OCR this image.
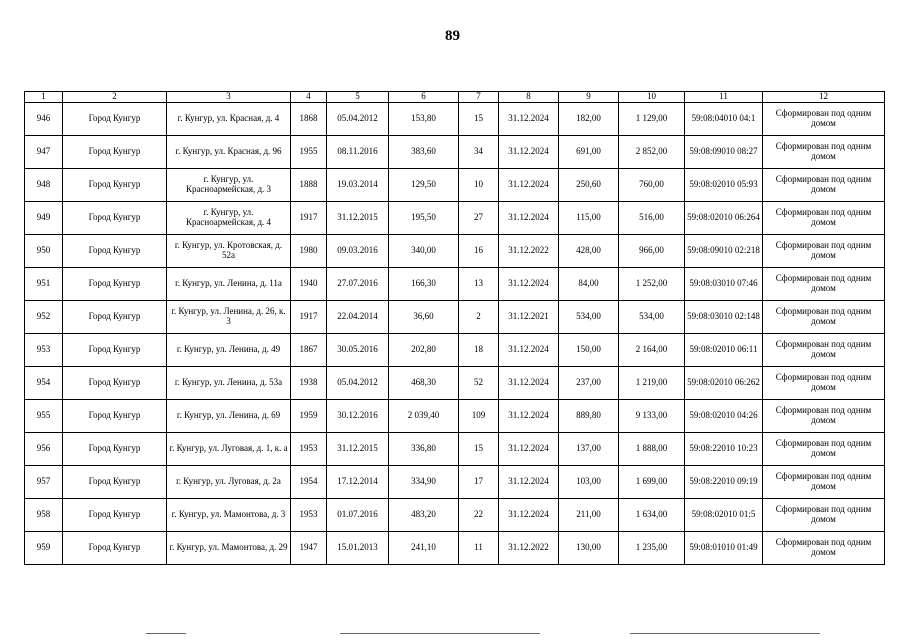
89
1	2	3	4	5	6	7	8	9	10	11	12
946	Город Кунгур	г. Кунгур, ул. Красная, д. 4	1868	05.04.2012	153,80	15	31.12.2024	182,00	1 129,00	59:08:04010 04:1	Сформирован под одним домом
947	Город Кунгур	г. Кунгур, ул. Красная, д. 96	1955	08.11.2016	383,60	34	31.12.2024	691,00	2 852,00	59:08:09010 08:27	Сформирован под одним домом
948	Город Кунгур	г. Кунгур, ул. Красноармейская, д. 3	1888	19.03.2014	129,50	10	31.12.2024	250,60	760,00	59:08:02010 05:93	Сформирован под одним домом
949	Город Кунгур	г. Кунгур, ул. Красноармейская, д. 4	1917	31.12.2015	195,50	27	31.12.2024	115,00	516,00	59:08:02010 06:264	Сформирован под одним домом
950	Город Кунгур	г. Кунгур, ул. Кротовская, д. 52а	1980	09.03.2016	340,00	16	31.12.2022	428,00	966,00	59:08:09010 02:218	Сформирован под одним домом
951	Город Кунгур	г. Кунгур, ул. Ленина, д. 11а	1940	27.07.2016	166,30	13	31.12.2024	84,00	1 252,00	59:08:03010 07:46	Сформирован под одним домом
952	Город Кунгур	г. Кунгур, ул. Ленина, д. 26, к. 3	1917	22.04.2014	36,60	2	31.12.2021	534,00	534,00	59:08:03010 02:148	Сформирован под одним домом
953	Город Кунгур	г. Кунгур, ул. Ленина, д. 49	1867	30.05.2016	202,80	18	31.12.2024	150,00	2 164,00	59:08:02010 06:11	Сформирован под одним домом
954	Город Кунгур	г. Кунгур, ул. Ленина, д. 53а	1938	05.04.2012	468,30	52	31.12.2024	237,00	1 219,00	59:08:02010 06:262	Сформирован под одним домом
955	Город Кунгур	г. Кунгур, ул. Ленина, д. 69	1959	30.12.2016	2 039,40	109	31.12.2024	889,80	9 133,00	59:08:02010 04:26	Сформирован под одним домом
956	Город Кунгур	г. Кунгур, ул. Луговая, д. 1, к. а	1953	31.12.2015	336,80	15	31.12.2024	137,00	1 888,00	59:08:22010 10:23	Сформирован под одним домом
957	Город Кунгур	г. Кунгур, ул. Луговая, д. 2а	1954	17.12.2014	334,90	17	31.12.2024	103,00	1 699,00	59:08:22010 09:19	Сформирован под одним домом
958	Город Кунгур	г. Кунгур, ул. Мамонтова, д. 3	1953	01.07.2016	483,20	22	31.12.2024	211,00	1 634,00	59:08:02010 01:5	Сформирован под одним домом
959	Город Кунгур	г. Кунгур, ул. Мамонтова, д. 29	1947	15.01.2013	241,10	11	31.12.2022	130,00	1 235,00	59:08:01010 01:49	Сформирован под одним домом
